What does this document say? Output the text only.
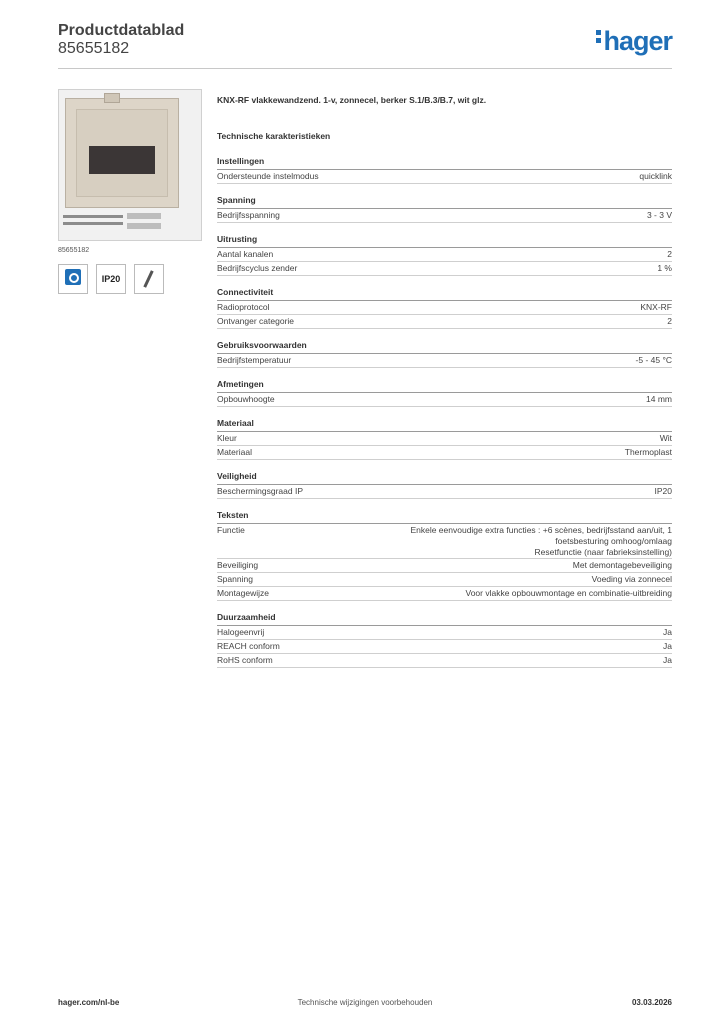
Productdatablad
85655182	hager
85655182
IP20
KNX-RF vlakkewandzend. 1-v, zonnecel, berker S.1/B.3/B.7, wit glz.
Technische karakteristieken
Instellingen
Ondersteunde instelmodus	quicklink
Spanning
Bedrijfsspanning	3 - 3 V
Uitrusting
Aantal kanalen	2
Bedrijfscyclus zender	1 %
Connectiviteit
Radioprotocol	KNX-RF
Ontvanger categorie	2
Gebruiksvoorwaarden
Bedrijfstemperatuur	-5 - 45 °C
Afmetingen
Opbouwhoogte	14 mm
Materiaal
Kleur	Wit
Materiaal	Thermoplast
Veiligheid
Beschermingsgraad IP	IP20
Teksten
Functie	Enkele eenvoudige extra functies : +6 scènes, bedrijfsstand aan/uit, 1
foetsbesturing omhoog/omlaag
Resetfunctie (naar fabrieksinstelling)
Beveiliging	Met demontagebeveiliging
Spanning	Voeding via zonnecel
Montagewijze	Voor vlakke opbouwmontage en combinatie-uitbreiding
Duurzaamheid
Halogeenvrij	Ja
REACH conform	Ja
RoHS conform	Ja
hager.com/nl-be	Technische wijzigingen voorbehouden	03.03.2026
